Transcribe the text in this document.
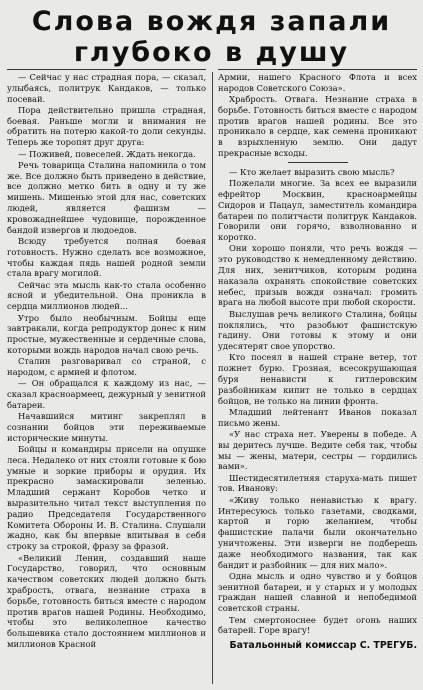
Слова вождя запали
глубоко в душу

— Сейчас у нас страдная пора, — сказал, улыбаясь, политрук Кандаков, — только посевай.

Пора действительно пришла страдная, боевая. Раньше могли и внимания не обратить на потерю какой-то доли секунды. Теперь же торопят друг друга:

— Поживей, повеселей. Ждать некогда.

Речь товарища Сталина напомнила о том же. Все должно быть приведено в действие, все должно метко бить в одну и ту же мишень. Мишенью этой для нас, советских людей, является фашизм — кровожаднейшее чудовище, порожденное бандой извергов и людоедов.

Всюду требуется полная боевая готовность. Нужно сделать все возможное, чтобы каждая пядь нашей родной земли стала врагу могилой.

Сейчас эта мысль как-то стала особенно ясной и убедительной. Она проникла в сердца миллионов людей...

Утро было необычным. Бойцы еще завтракали, когда репродуктор донес к ним простые, мужественные и сердечные слова, которыми вождь народов начал свою речь.

Сталин разговаривал со страной, с народом, с армией и флотом.

— Он обращался к каждому из нас, — сказал красноармеец, дежурный у зенитной батареи.

Начавшийся митинг закреплял в сознании бойцов эти переживаемые исторические минуты.

Бойцы и командиры присели на опушке леса. Недалеко от них стояли готовые к бою умные и зоркие приборы и орудия. Их прекрасно замаскировали зеленью. Младший сержант Коробов четко и выразительно читал текст выступления по радио Председателя Государственного Комитета Обороны И. В. Сталина. Слушали жадно, как бы впервые впитывая в себя строку за строкой, фразу за фразой.

«Великий Ленин, создавший наше Государство, говорил, что основным качеством советских людей должно быть храбрость, отвага, незнание страха в борьбе, готовность биться вместе с народом против врагов нашей Родины. Необходимо, чтобы это великолепное качество большевика стало достоянием миллионов и миллионов Красной

Армии, нашего Красного Флота и всех народов Советского Союза».

Храбрость. Отвага. Незнание страха в борьбе. Готовность биться вместе с народом против врагов нашей родины. Все это проникало в сердце, как семена проникают в взрыхленную землю. Они дадут прекрасные всходы.

— Кто желает выразить свою мысль?

Пожелали многие. За всех ее выразили ефрейтор Москвин, красноармейцы Сидоров и Пацаул, заместитель командира батареи по политчасти политрук Кандаков. Говорили они горячо, взволнованно и коротко.

Они хорошо поняли, что речь вождя — это руководство к немедленному действию. Для них, зенитчиков, которым родина наказала охранять спокойствие советских небес, призыв вождя означал: громить врага на любой высоте при любой скорости.

Выслушав речь великого Сталина, бойцы поклялись, что разобьют фашистскую гадину. Они готовы к этому и они удесятерят свое упорство.

Кто посеял в нашей стране ветер, тот пожнет бурю. Грозная, всесокрушающая буря ненависти к гитлеровским разбойникам кипит не только в сердцах бойцов, не только на линии фронта.

Младший лейтенант Иванов показал письмо жены.

«У нас страха нет. Уверены в победе. А вы деритесь лучше. Ведите себя так, чтобы мы — жены, матери, сестры — гордились вами».

Шестидесятилетняя старуха-мать пишет тов. Иванову:

«Живу только ненавистью к врагу. Интересуюсь только газетами, сводками, картой и горю желанием, чтобы фашистские палачи были окончательно уничтожены. Эти изверги не подберешь даже необходимого названия, так как бандит и разбойник — для них мало».

Одна мысль и одно чувство и у бойцов зенитной батареи, и у старых и у молодых граждан нашей славной и непобедимой советской страны.

Тем смертоноснее будет огонь наших батарей. Горе врагу!

Батальонный комиссар С. ТРЕГУБ.
